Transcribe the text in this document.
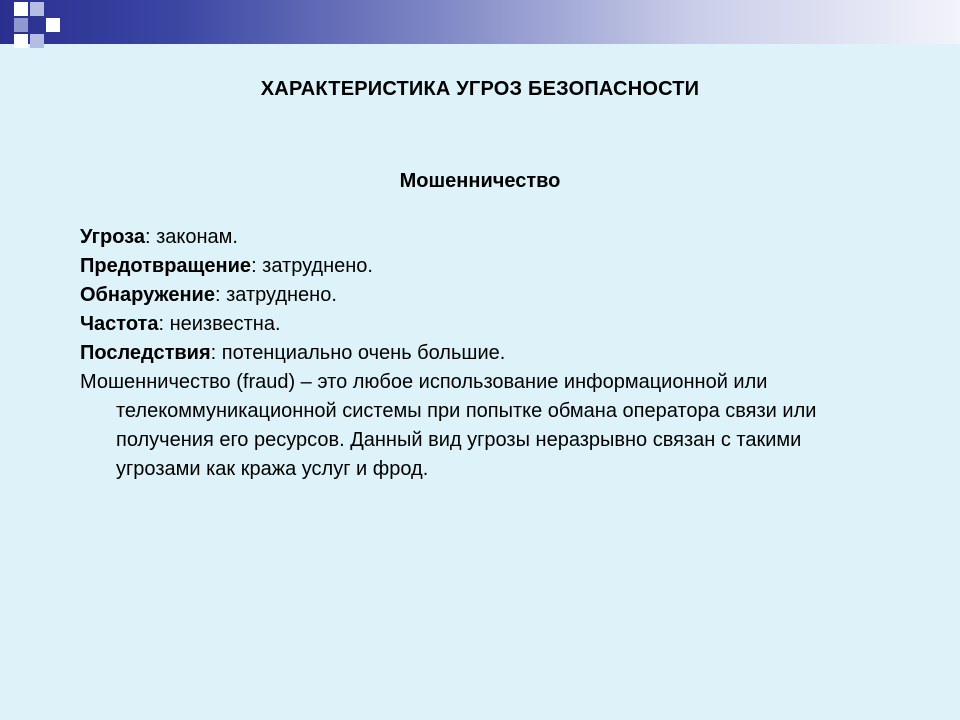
ХАРАКТЕРИСТИКА УГРОЗ БЕЗОПАСНОСТИ
Мошенничество

Угроза: законам.

Предотвращение: затруднено.

Обнаружение: затруднено.

Частота: неизвестна.

Последствия: потенциально очень большие.

Мошенничество (fraud) – это любое использование информационной или телекоммуникационной системы при попытке обмана оператора связи или получения его ресурсов. Данный вид угрозы неразрывно связан с такими угрозами как кража услуг и фрод.
